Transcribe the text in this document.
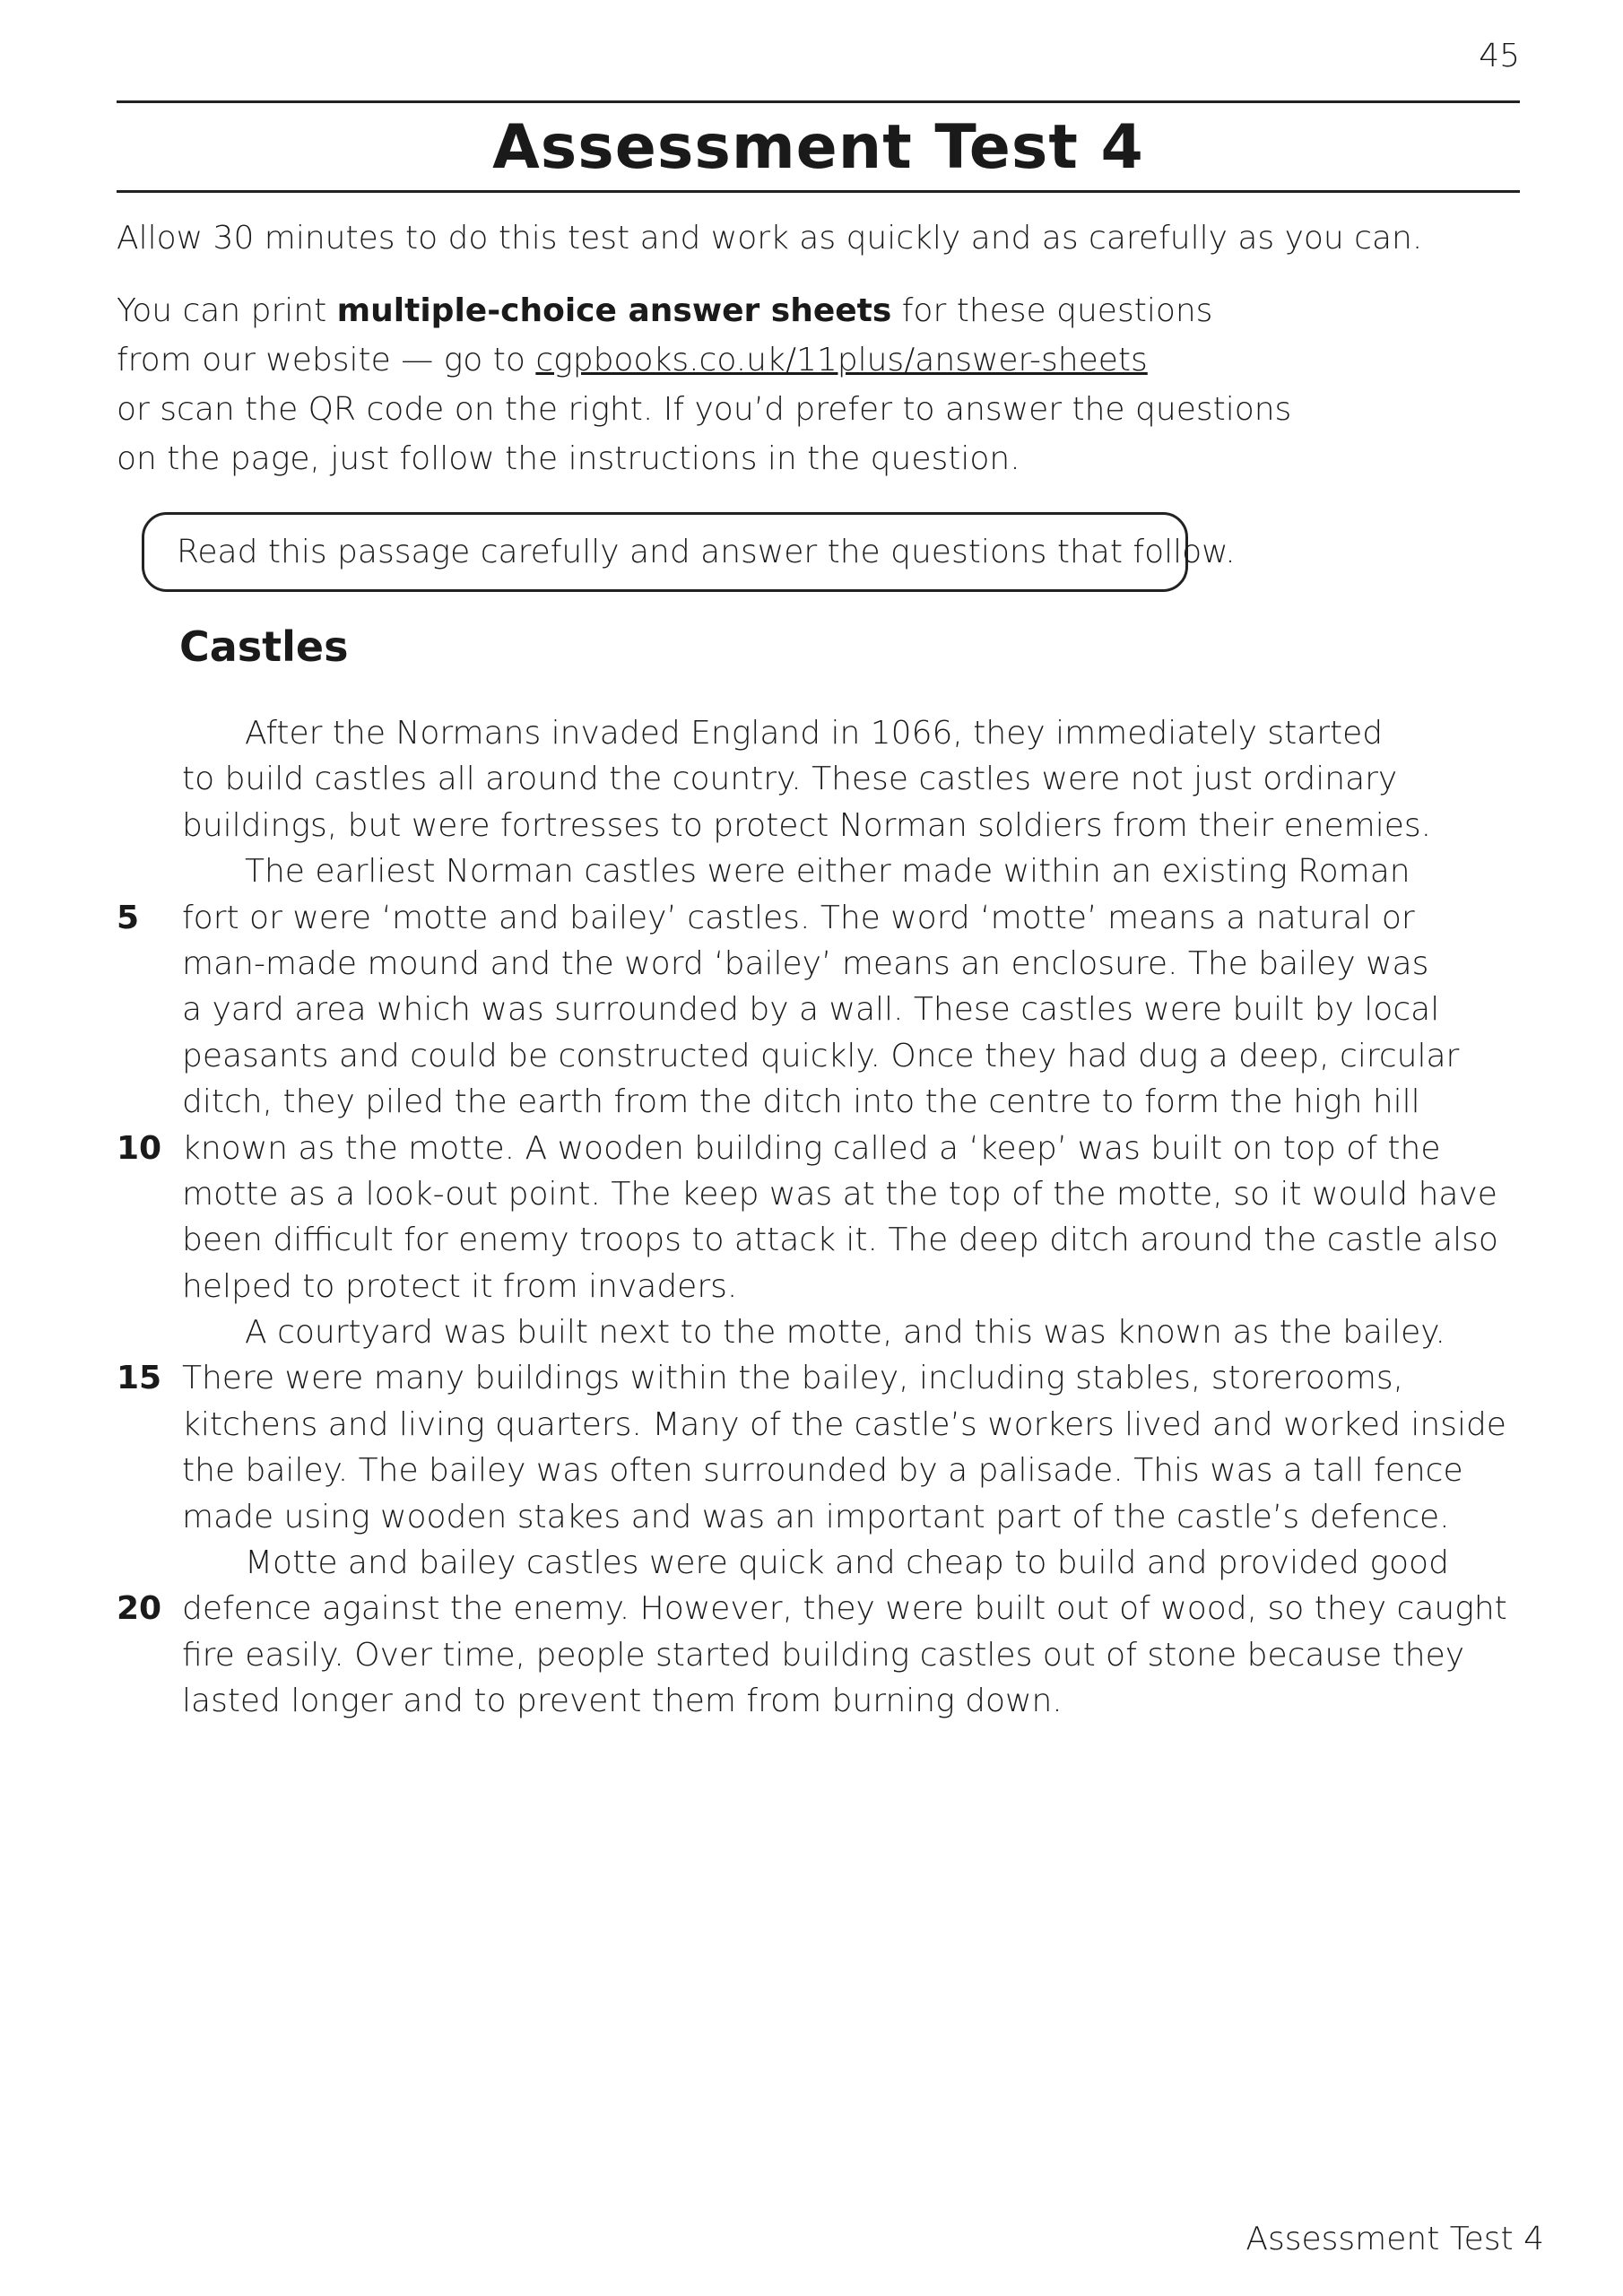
45
Assessment Test 4
Allow 30 minutes to do this test and work as quickly and as carefully as you can.
You can print multiple-choice answer sheets for these questions
from our website — go to cgpbooks.co.uk/11plus/answer-sheets
or scan the QR code on the right. If you’d prefer to answer the questions
on the page, just follow the instructions in the question.
Read this passage carefully and answer the questions that follow.
Castles
After the Normans invaded England in 1066, they immediately started
to build castles all around the country. These castles were not just ordinary
buildings, but were fortresses to protect Norman soldiers from their enemies.
The earliest Norman castles were either made within an existing Roman
5	fort or were ‘motte and bailey’ castles. The word ‘motte’ means a natural or
man-made mound and the word ‘bailey’ means an enclosure. The bailey was
a yard area which was surrounded by a wall. These castles were built by local
peasants and could be constructed quickly. Once they had dug a deep, circular
ditch, they piled the earth from the ditch into the centre to form the high hill
10 known as the motte. A wooden building called a ‘keep’ was built on top of the
motte as a look-out point. The keep was at the top of the motte, so it would have
been difficult for enemy troops to attack it. The deep ditch around the castle also
helped to protect it from invaders.
A courtyard was built next to the motte, and this was known as the bailey.
15 There were many buildings within the bailey, including stables, storerooms,
kitchens and living quarters. Many of the castle’s workers lived and worked inside
the bailey. The bailey was often surrounded by a palisade. This was a tall fence
made using wooden stakes and was an important part of the castle’s defence.
Motte and bailey castles were quick and cheap to build and provided good
20 defence against the enemy. However, they were built out of wood, so they caught
fire easily. Over time, people started building castles out of stone because they
lasted longer and to prevent them from burning down.
Assessment Test 4
